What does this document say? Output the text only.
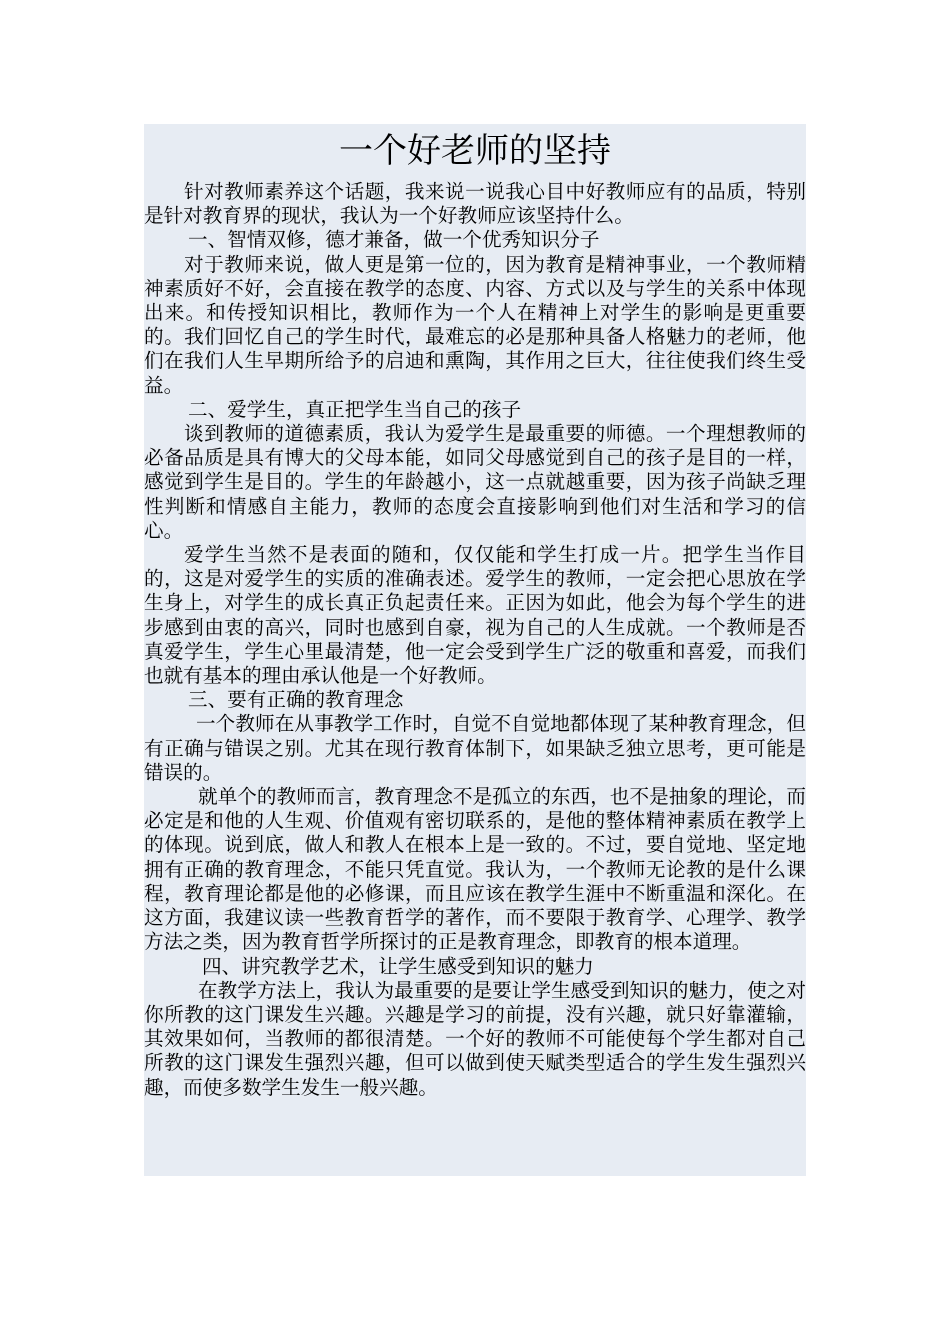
一个好老师的坚持

针对教师素养这个话题，我来说一说我心目中好教师应有的品质，特别是针对教育界的现状，我认为一个好教师应该坚持什么。

一、智情双修，德才兼备，做一个优秀知识分子

对于教师来说，做人更是第一位的，因为教育是精神事业，一个教师精神素质好不好，会直接在教学的态度、内容、方式以及与学生的关系中体现出来。和传授知识相比，教师作为一个人在精神上对学生的影响是更重要的。我们回忆自己的学生时代，最难忘的必是那种具备人格魅力的老师，他们在我们人生早期所给予的启迪和熏陶，其作用之巨大，往往使我们终生受益。

二、爱学生，真正把学生当自己的孩子

谈到教师的道德素质，我认为爱学生是最重要的师德。一个理想教师的必备品质是具有博大的父母本能，如同父母感觉到自己的孩子是目的一样，感觉到学生是目的。学生的年龄越小，这一点就越重要，因为孩子尚缺乏理性判断和情感自主能力，教师的态度会直接影响到他们对生活和学习的信心。

爱学生当然不是表面的随和，仅仅能和学生打成一片。把学生当作目的，这是对爱学生的实质的准确表述。爱学生的教师，一定会把心思放在学生身上，对学生的成长真正负起责任来。正因为如此，他会为每个学生的进步感到由衷的高兴，同时也感到自豪，视为自己的人生成就。一个教师是否真爱学生，学生心里最清楚，他一定会受到学生广泛的敬重和喜爱，而我们也就有基本的理由承认他是一个好教师。

三、要有正确的教育理念

一个教师在从事教学工作时，自觉不自觉地都体现了某种教育理念，但有正确与错误之别。尤其在现行教育体制下，如果缺乏独立思考，更可能是错误的。

就单个的教师而言，教育理念不是孤立的东西，也不是抽象的理论，而必定是和他的人生观、价值观有密切联系的，是他的整体精神素质在教学上的体现。说到底，做人和教人在根本上是一致的。不过，要自觉地、坚定地拥有正确的教育理念，不能只凭直觉。我认为，一个教师无论教的是什么课程，教育理论都是他的必修课，而且应该在教学生涯中不断重温和深化。在这方面，我建议读一些教育哲学的著作，而不要限于教育学、心理学、教学方法之类，因为教育哲学所探讨的正是教育理念，即教育的根本道理。

四、讲究教学艺术，让学生感受到知识的魅力

在教学方法上，我认为最重要的是要让学生感受到知识的魅力，使之对你所教的这门课发生兴趣。兴趣是学习的前提，没有兴趣，就只好靠灌输，其效果如何，当教师的都很清楚。一个好的教师不可能使每个学生都对自己所教的这门课发生强烈兴趣，但可以做到使天赋类型适合的学生发生强烈兴趣，而使多数学生发生一般兴趣。
